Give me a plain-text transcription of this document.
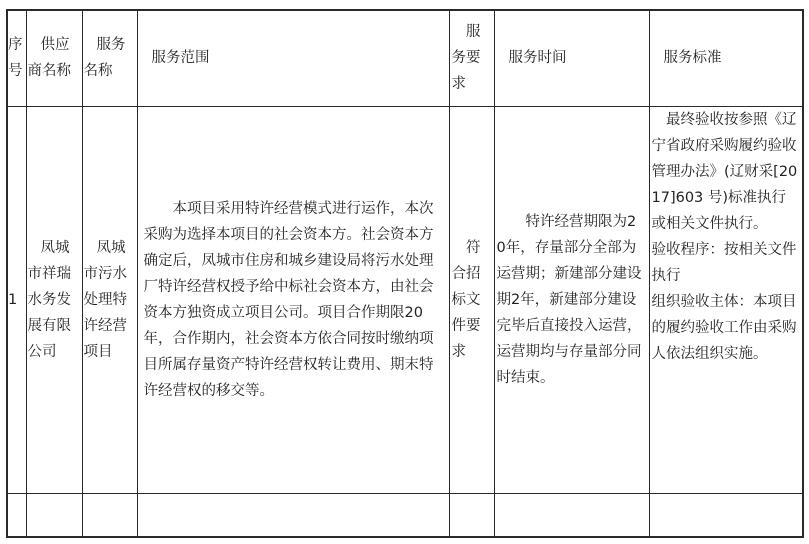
序号	供应商名称	服务名称	服务范围	服务要求	服务时间	服务标准
1	凤城市祥瑞水务发展有限公司	凤城市污水处理特许经营项目	本项目采用特许经营模式进行运作，本次采购为选择本项目的社会资本方。社会资本方确定后，凤城市住房和城乡建设局将污水处理厂特许经营权授予给中标社会资本方，由社会资本方独资成立项目公司。项目合作期限20年，合作期内，社会资本方依合同按时缴纳项目所属存量资产特许经营权转让费用、期末特许经营权的移交等。	符合招标文件要求	特许经营期限为20年，存量部分全部为运营期；新建部分建设期2年，新建部分建设完毕后直接投入运营，运营期均与存量部分同时结束。	最终验收按参照《辽宁省政府采购履约验收管理办法》(辽财采[2017]603 号)标准执行或相关文件执行。

验收程序：按相关文件执行

组织验收主体：本项目的履约验收工作由采购人依法组织实施。
